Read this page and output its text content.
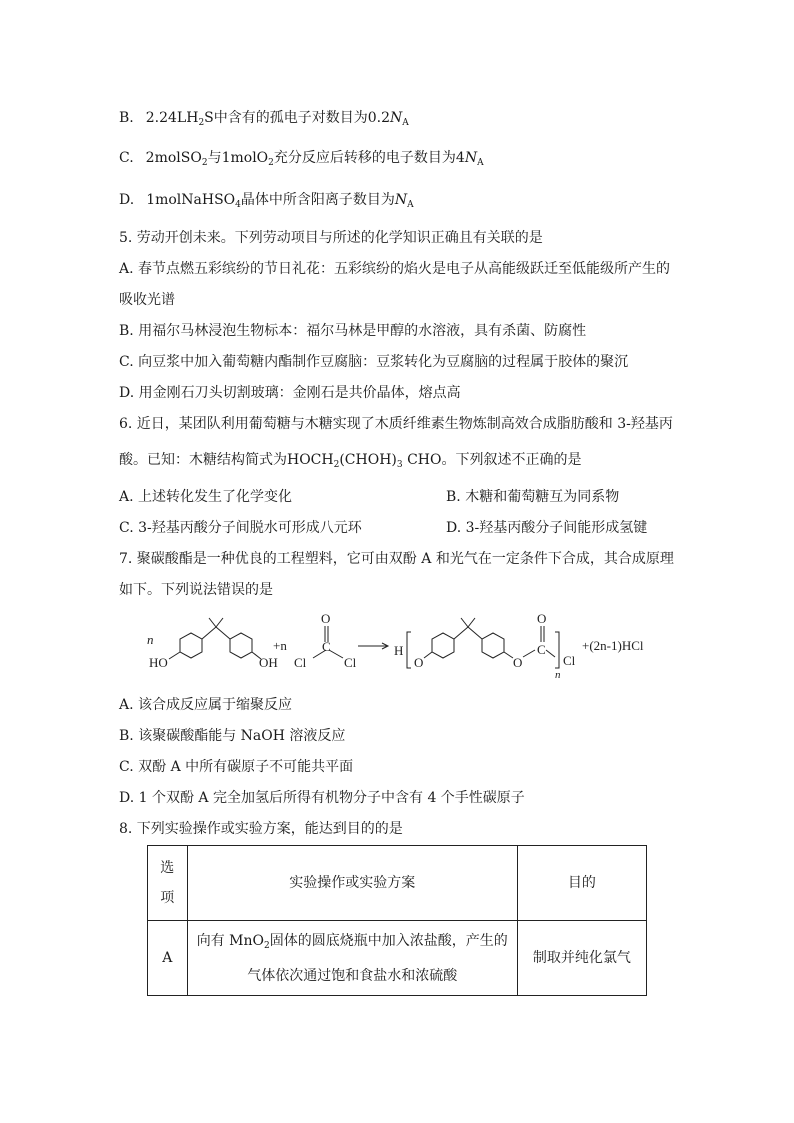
B. $2.24LH_2S$中含有的孤电子对数目为$0.2N_A$
C. 2molSO$_2$与1molO$_2$充分反应后转移的电子数目为$4N_A$
D. 1molNaHSO$_4$晶体中所含阳离子数目为$N_A$
5. 劳动开创未来。下列劳动项目与所述的化学知识正确且有关联的是
A. 春节点燃五彩缤纷的节日礼花：五彩缤纷的焰火是电子从高能级跃迁至低能级所产生的
吸收光谱
B. 用福尔马林浸泡生物标本：福尔马林是甲醇的水溶液，具有杀菌、防腐性
C. 向豆浆中加入葡萄糖内酯制作豆腐脑：豆浆转化为豆腐脑的过程属于胶体的聚沉
D. 用金刚石刀头切割玻璃：金刚石是共价晶体，熔点高
6. 近日，某团队利用葡萄糖与木糖实现了木质纤维素生物炼制高效合成脂肪酸和 3-羟基丙
酸。已知：木糖结构简式为$HOCH_2(CHOH)_3$ CHO。下列叙述不正确的是
A. 上述转化发生了化学变化	B. 木糖和葡萄糖互为同系物
C. 3-羟基丙酸分子间脱水可形成八元环	D. 3-羟基丙酸分子间能形成氢键
7. 聚碳酸酯是一种优良的工程塑料，它可由双酚 A 和光气在一定条件下合成，其合成原理
如下。下列说法错误的是
n
HO	OH
+n
O
C
Cl	Cl
H
O	O
O
C
Cl
n
+(2n-1)HCl
A. 该合成反应属于缩聚反应
B. 该聚碳酸酯能与 NaOH 溶液反应
C. 双酚 A 中所有碳原子不可能共平面
D. 1 个双酚 A 完全加氢后所得有机物分子中含有 4 个手性碳原子
8. 下列实验操作或实验方案，能达到目的的是
选
项	实验操作或实验方案	目的
A	向有 MnO$_2$固体的圆底烧瓶中加入浓盐酸，产生的
气体依次通过饱和食盐水和浓硫酸	制取并纯化氯气
